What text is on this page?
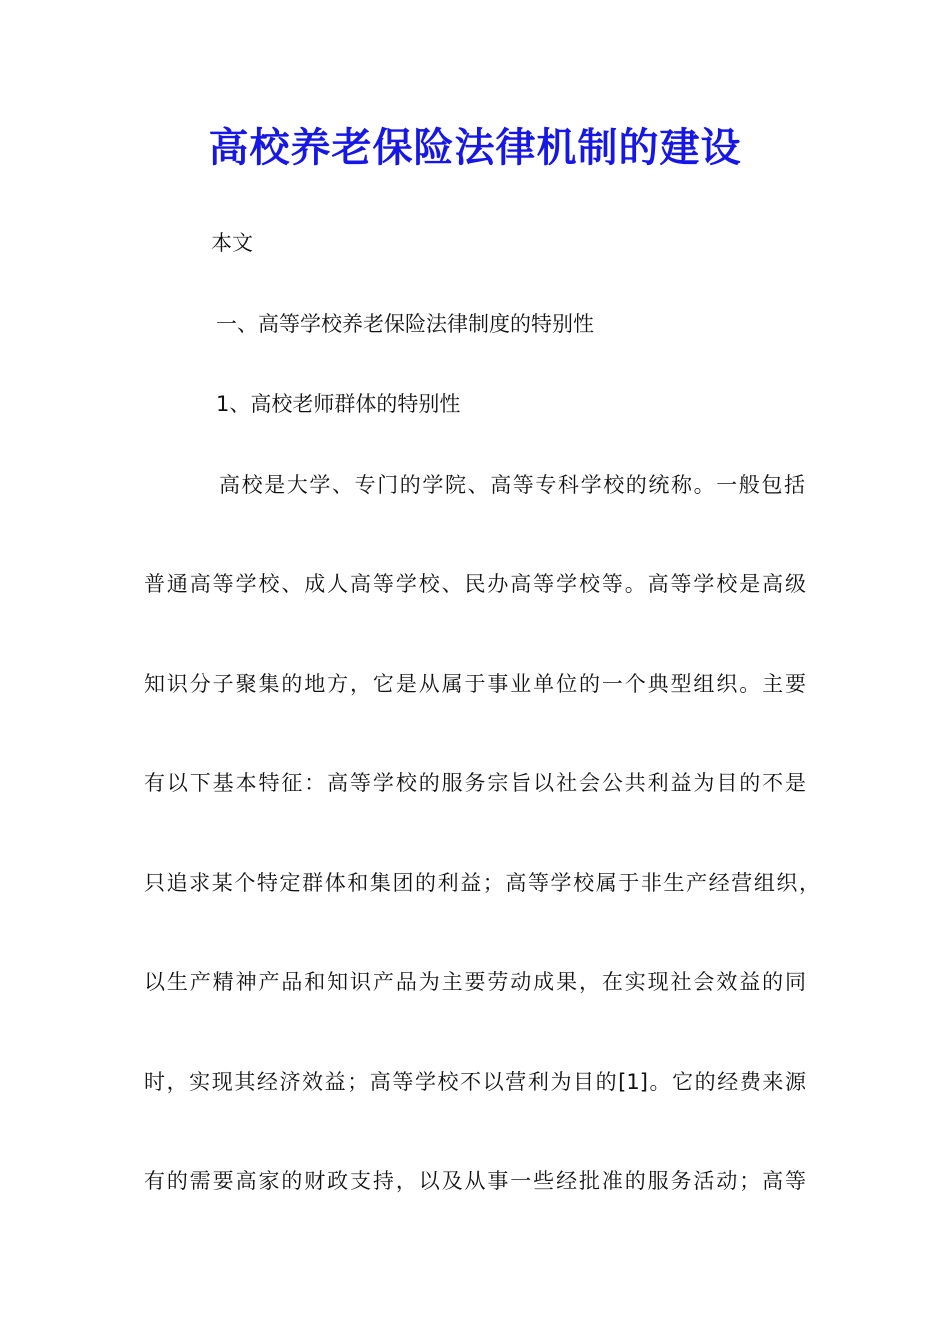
高校养老保险法律机制的建设
本文
一、高等学校养老保险法律制度的特别性
1、高校老师群体的特别性
高校是大学、专门的学院、高等专科学校的统称。一般包括
普通高等学校、成人高等学校、民办高等学校等。高等学校是高级
知识分子聚集的地方，它是从属于事业单位的一个典型组织。主要
有以下基本特征：高等学校的服务宗旨以社会公共利益为目的不是
只追求某个特定群体和集团的利益；高等学校属于非生产经营组织，
以生产精神产品和知识产品为主要劳动成果，在实现社会效益的同
时，实现其经济效益；高等学校不以营利为目的[1]。它的经费来源
有的需要高家的财政支持，以及从事一些经批准的服务活动；高等
